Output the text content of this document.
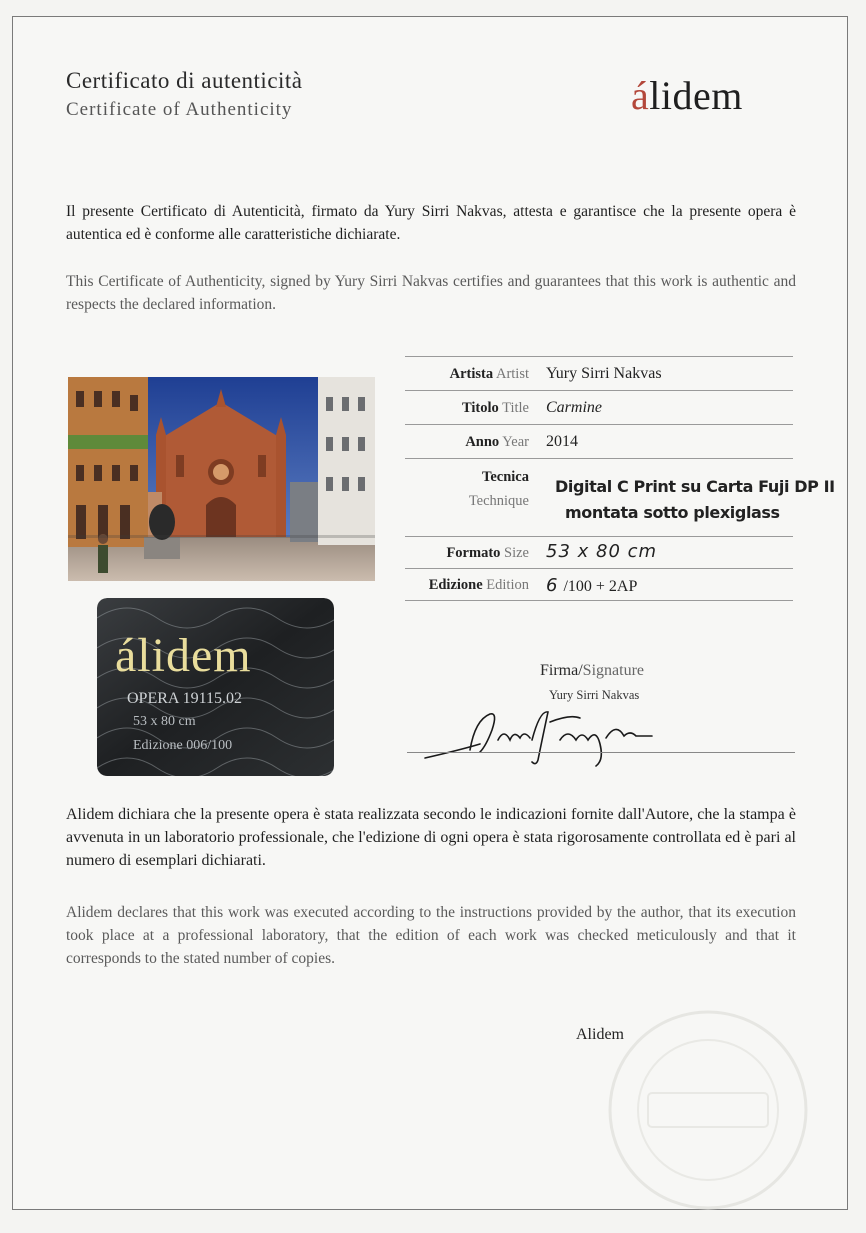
Certificato di autenticità
Certificate of Authenticity	álidem
Il presente Certificato di Autenticità, firmato da Yury Sirri Nakvas, attesta e garantisce che la presente opera è autentica ed è conforme alle caratteristiche dichiarate.
This Certificate of Authenticity, signed by Yury Sirri Nakvas certifies and guarantees that this work is authentic and respects the declared information.
álidem
OPERA 19115.02
53 x 80 cm
Edizione 006/100
Artista Artist Yury Sirri Nakvas
Titolo Title Carmine
Anno Year 2014
Tecnica
Technique
Digital C Print su Carta Fuji DP II
montata sotto plexiglass
Formato Size 53 x 80 cm
Edizione Edition 6 /100 + 2AP
Firma/Signature
Yury Sirri Nakvas
Alidem dichiara che la presente opera è stata realizzata secondo le indicazioni fornite dall'Autore, che la stampa è avvenuta in un laboratorio professionale, che l'edizione di ogni opera è stata rigorosamente controllata ed è pari al numero di esemplari dichiarati.
Alidem declares that this work was executed according to the instructions provided by the author, that its execution took place at a professional laboratory, that the edition of each work was checked meticulously and that it corresponds to the stated number of copies.
Alidem
